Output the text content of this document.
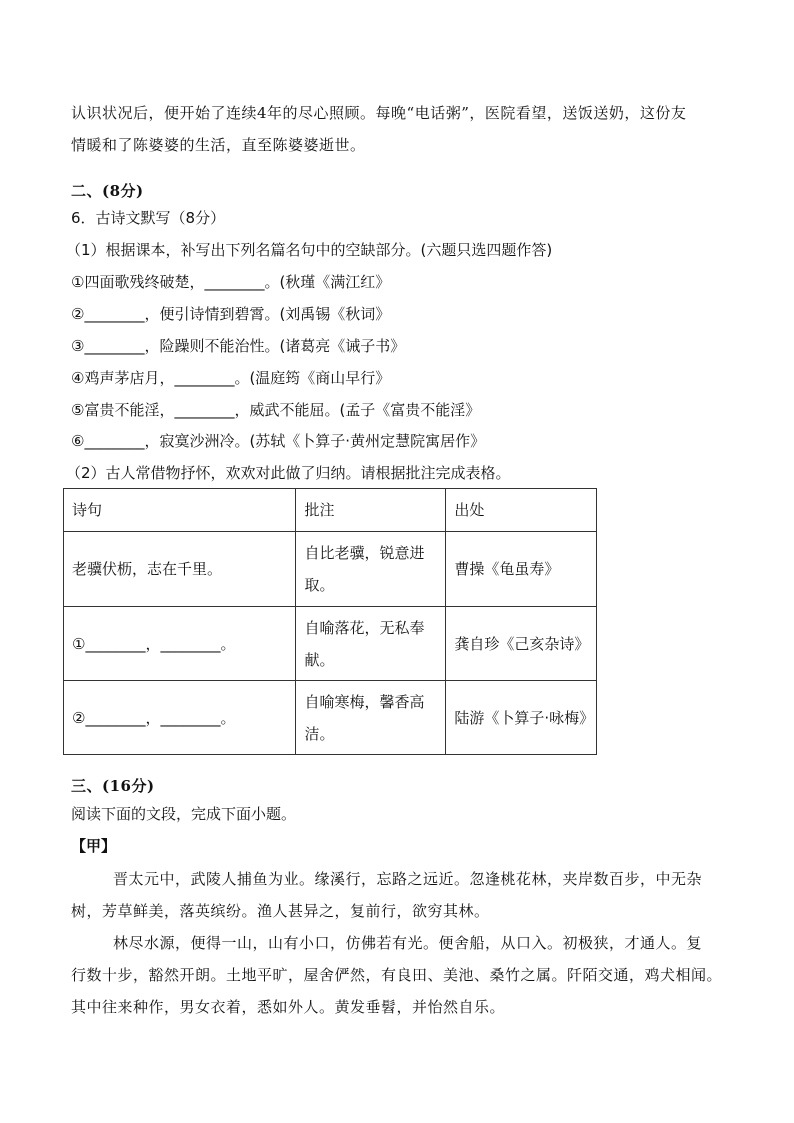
认识状况后，便开始了连续4年的尽心照顾。每晚“电话粥”，医院看望，送饭送奶，这份友
情暖和了陈婆婆的生活，直至陈婆婆逝世。
二、(8分)
6．古诗文默写（8分）
（1）根据课本，补写出下列名篇名句中的空缺部分。(六题只选四题作答)
①四面歌残终破楚，________。(秋瑾《满江红》
②________，便引诗情到碧霄。(刘禹锡《秋词》
③________，险躁则不能治性。(诸葛亮《诫子书》
④鸡声茅店月，________。(温庭筠《商山早行》
⑤富贵不能淫，________，威武不能屈。(孟子《富贵不能淫》
⑥________，寂寞沙洲冷。(苏轼《卜算子·黄州定慧院寓居作》
（2）古人常借物抒怀，欢欢对此做了归纳。请根据批注完成表格。
诗句	批注	出处
老骥伏枥，志在千里。	自比老骥，锐意进取。	曹操《龟虽寿》
①________，________。	自喻落花，无私奉献。	龚自珍《己亥杂诗》
②________，________。	自喻寒梅，馨香高洁。	陆游《卜算子·咏梅》
三、(16分)
阅读下面的文段，完成下面小题。
【甲】
晋太元中，武陵人捕鱼为业。缘溪行，忘路之远近。忽逢桃花林，夹岸数百步，中无杂
树，芳草鲜美，落英缤纷。渔人甚异之，复前行，欲穷其林。
林尽水源，便得一山，山有小口，仿佛若有光。便舍船，从口入。初极狭，才通人。复
行数十步，豁然开朗。土地平旷，屋舍俨然，有良田、美池、桑竹之属。阡陌交通，鸡犬相闻。
其中往来种作，男女衣着，悉如外人。黄发垂髫，并怡然自乐。
